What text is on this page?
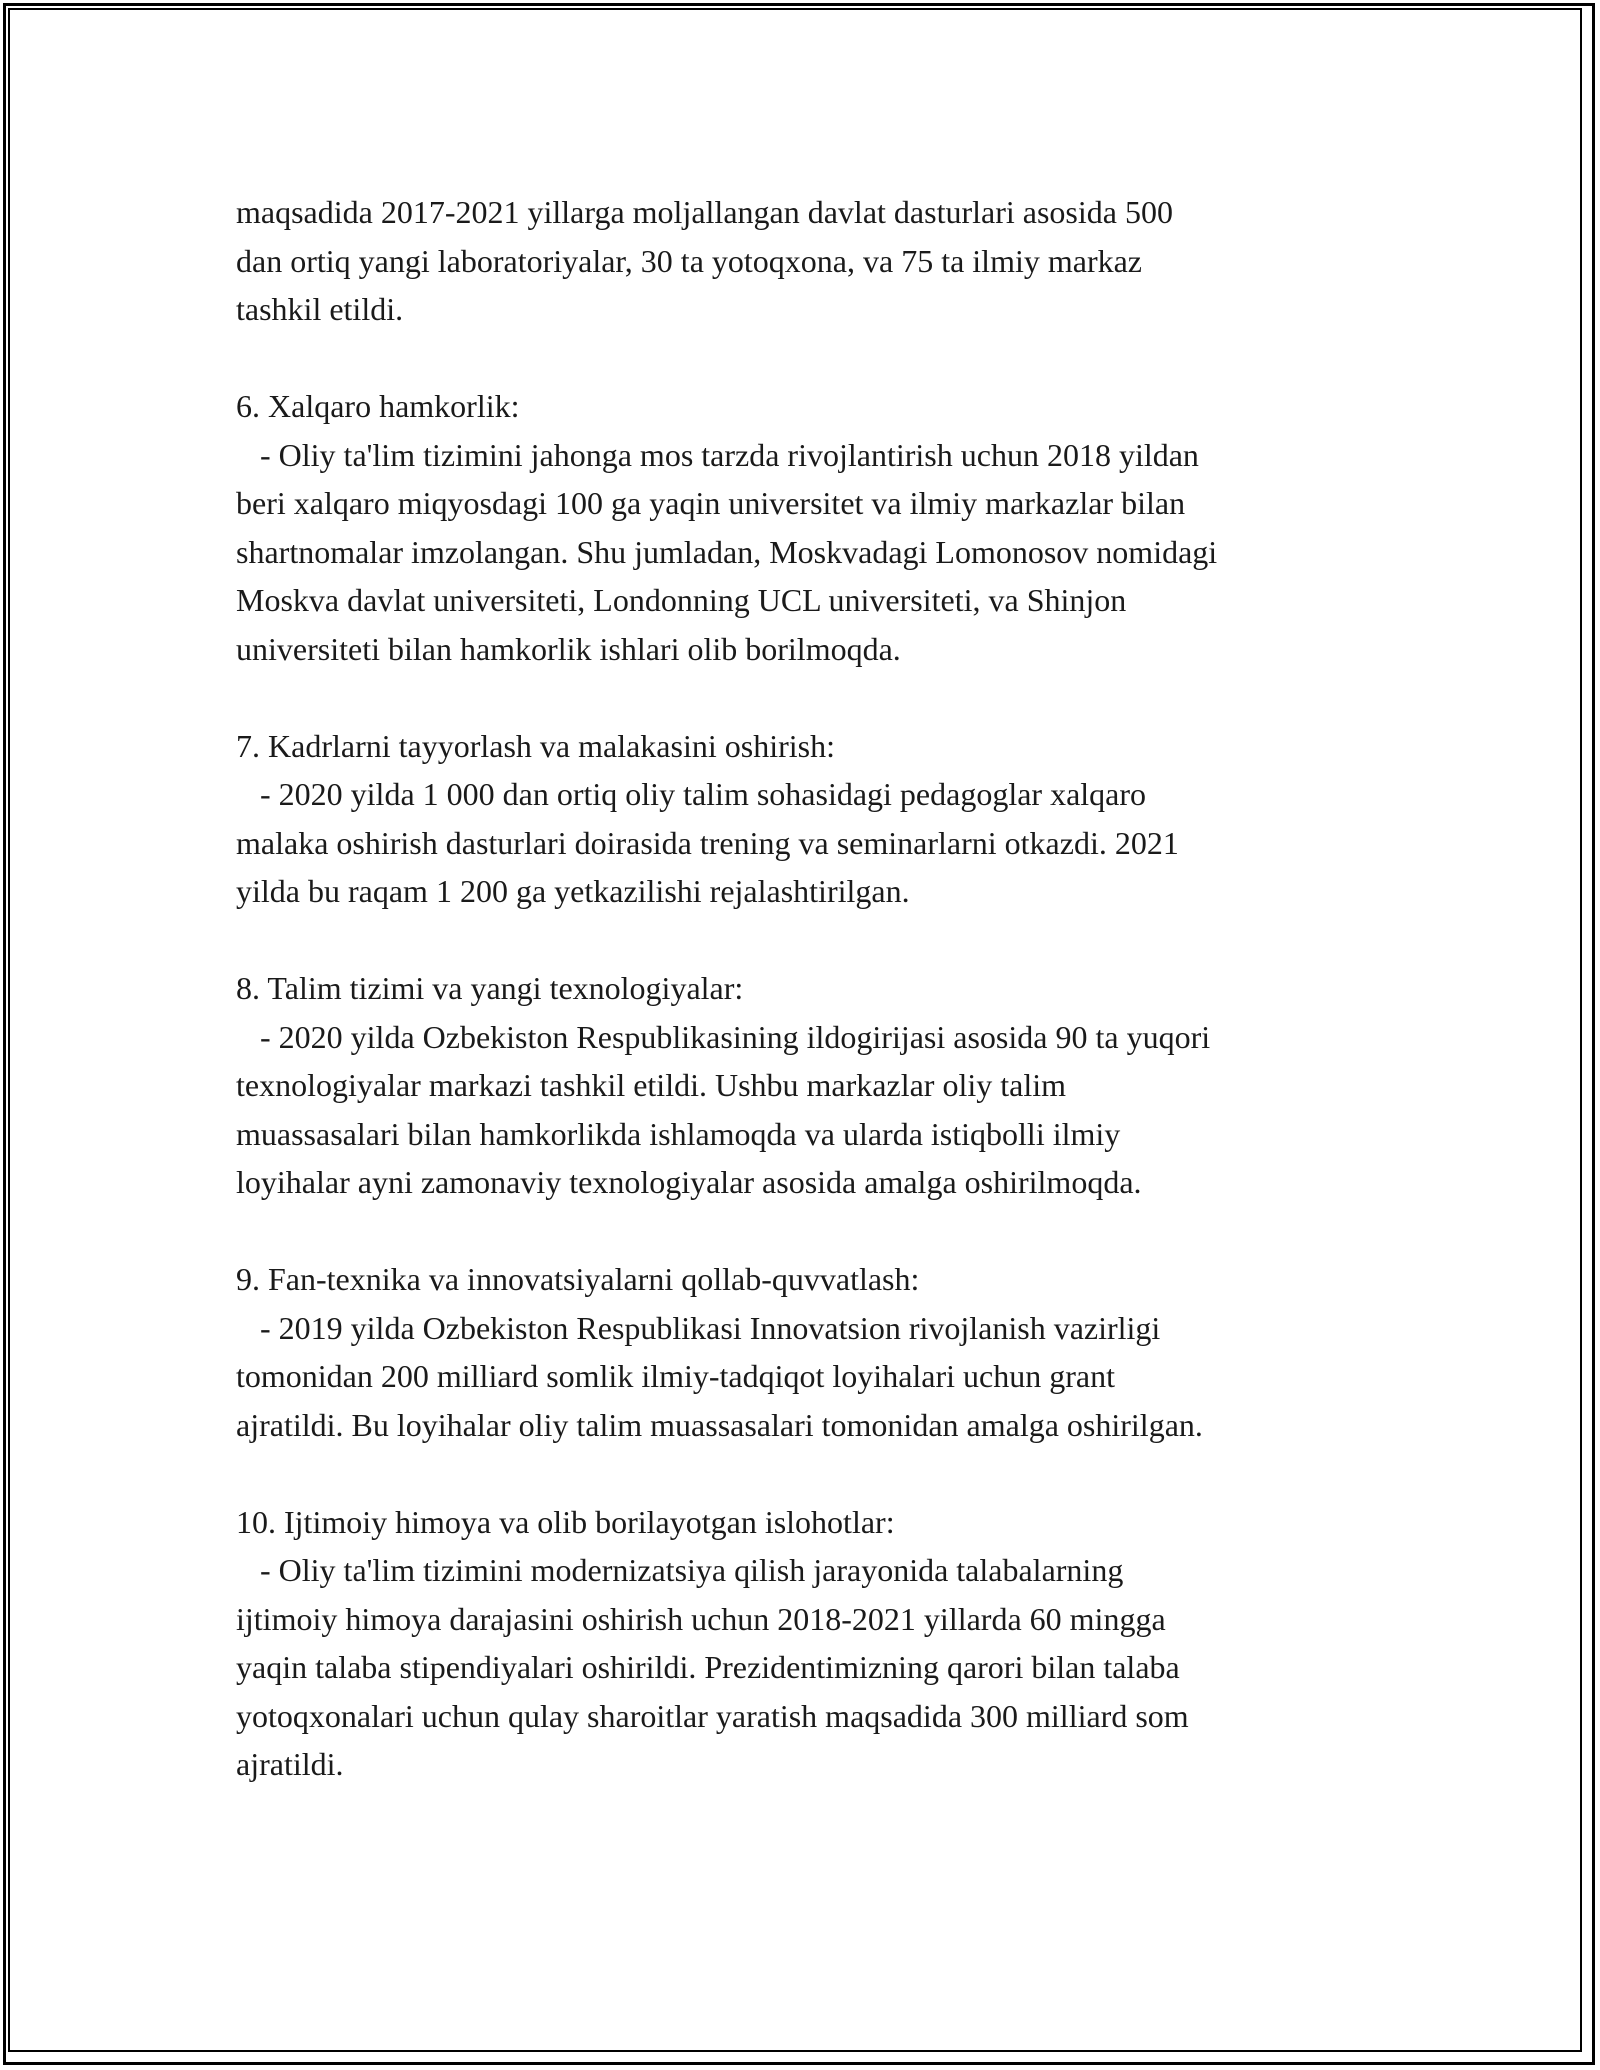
maqsadida 2017-2021 yillarga moljallangan davlat dasturlari asosida 500
dan ortiq yangi laboratoriyalar, 30 ta yotoqxona, va 75 ta ilmiy markaz
tashkil etildi.
6. Xalqaro hamkorlik:
- Oliy ta'lim tizimini jahonga mos tarzda rivojlantirish uchun 2018 yildan
beri xalqaro miqyosdagi 100 ga yaqin universitet va ilmiy markazlar bilan
shartnomalar imzolangan. Shu jumladan, Moskvadagi Lomonosov nomidagi
Moskva davlat universiteti, Londonning UCL universiteti, va Shinjon
universiteti bilan hamkorlik ishlari olib borilmoqda.
7. Kadrlarni tayyorlash va malakasini oshirish:
- 2020 yilda 1 000 dan ortiq oliy talim sohasidagi pedagoglar xalqaro
malaka oshirish dasturlari doirasida trening va seminarlarni otkazdi. 2021
yilda bu raqam 1 200 ga yetkazilishi rejalashtirilgan.
8. Talim tizimi va yangi texnologiyalar:
- 2020 yilda Ozbekiston Respublikasining ildogirijasi asosida 90 ta yuqori
texnologiyalar markazi tashkil etildi. Ushbu markazlar oliy talim
muassasalari bilan hamkorlikda ishlamoqda va ularda istiqbolli ilmiy
loyihalar ayni zamonaviy texnologiyalar asosida amalga oshirilmoqda.
9. Fan-texnika va innovatsiyalarni qollab-quvvatlash:
- 2019 yilda Ozbekiston Respublikasi Innovatsion rivojlanish vazirligi
tomonidan 200 milliard somlik ilmiy-tadqiqot loyihalari uchun grant
ajratildi. Bu loyihalar oliy talim muassasalari tomonidan amalga oshirilgan.
10. Ijtimoiy himoya va olib borilayotgan islohotlar:
- Oliy ta'lim tizimini modernizatsiya qilish jarayonida talabalarning
ijtimoiy himoya darajasini oshirish uchun 2018-2021 yillarda 60 mingga
yaqin talaba stipendiyalari oshirildi. Prezidentimizning qarori bilan talaba
yotoqxonalari uchun qulay sharoitlar yaratish maqsadida 300 milliard som
ajratildi.
